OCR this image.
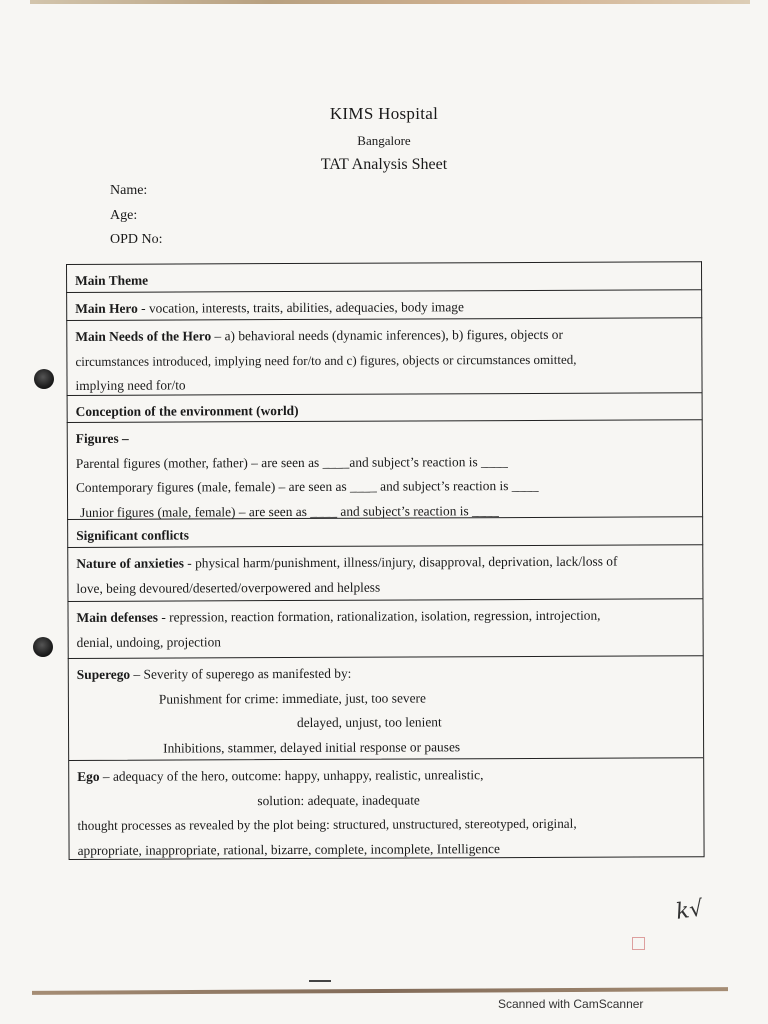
KIMS Hospital
Bangalore
TAT Analysis Sheet
Name:
Age:
OPD No:
Main Theme
Main Hero - vocation, interests, traits, abilities, adequacies, body image
Main Needs of the Hero – a) behavioral needs (dynamic inferences), b) figures, objects or
circumstances introduced, implying need for/to and c) figures, objects or circumstances omitted,
implying need for/to
Conception of the environment (world)
Figures –
Parental figures (mother, father) – are seen as ____and subject’s reaction is ____
Contemporary figures (male, female) – are seen as ____ and subject’s reaction is ____
Junior figures (male, female) – are seen as ____ and subject’s reaction is ____
Significant conflicts
Nature of anxieties - physical harm/punishment, illness/injury, disapproval, deprivation, lack/loss of
love, being devoured/deserted/overpowered and helpless
Main defenses - repression, reaction formation, rationalization, isolation, regression, introjection,
denial, undoing, projection
Superego – Severity of superego as manifested by:
Punishment for crime: immediate, just, too severe
delayed, unjust, too lenient
Inhibitions, stammer, delayed initial response or pauses
Ego – adequacy of the hero, outcome: happy, unhappy, realistic, unrealistic,
solution: adequate, inadequate
thought processes as revealed by the plot being: structured, unstructured, stereotyped, original,
appropriate, inappropriate, rational, bizarre, complete, incomplete, Intelligence
k√
Scanned with CamScanner
